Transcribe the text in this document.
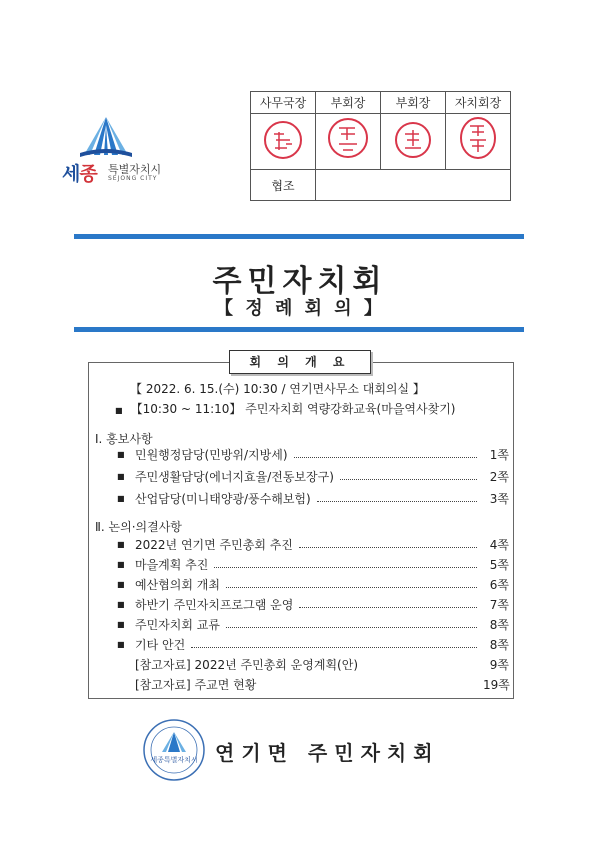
세종 특별자치시
SEJONG CITY
사무국장	부회장	부회장	자치회장

협조			
주민자치회
【 정 례 회 의 】
회 의 개 요
【 2022. 6. 15.(수) 10:30 / 연기면사무소 대회의실 】
■ 【10:30 ~ 11:10】 주민자치회 역량강화교육(마을역사찾기)
Ⅰ. 홍보사항
■ 민원행정담당(민방위/지방세)	1쪽
■ 주민생활담당(에너지효율/전동보장구)	2쪽
■ 산업담당(미니태양광/풍수해보험)	3쪽
Ⅱ. 논의·의결사항
■ 2022년 연기면 주민총회 추진	4쪽
■ 마을계획 추진	5쪽
■ 예산협의회 개최	6쪽
■ 하반기 주민자치프로그램 운영	7쪽
■ 주민자치회 교류	8쪽
■ 기타 안건	8쪽
[참고자료] 2022년 주민총회 운영계획(안)	9쪽
[참고자료] 주교면 현황	19쪽
세종특별자치시 연기면 주민자치회
